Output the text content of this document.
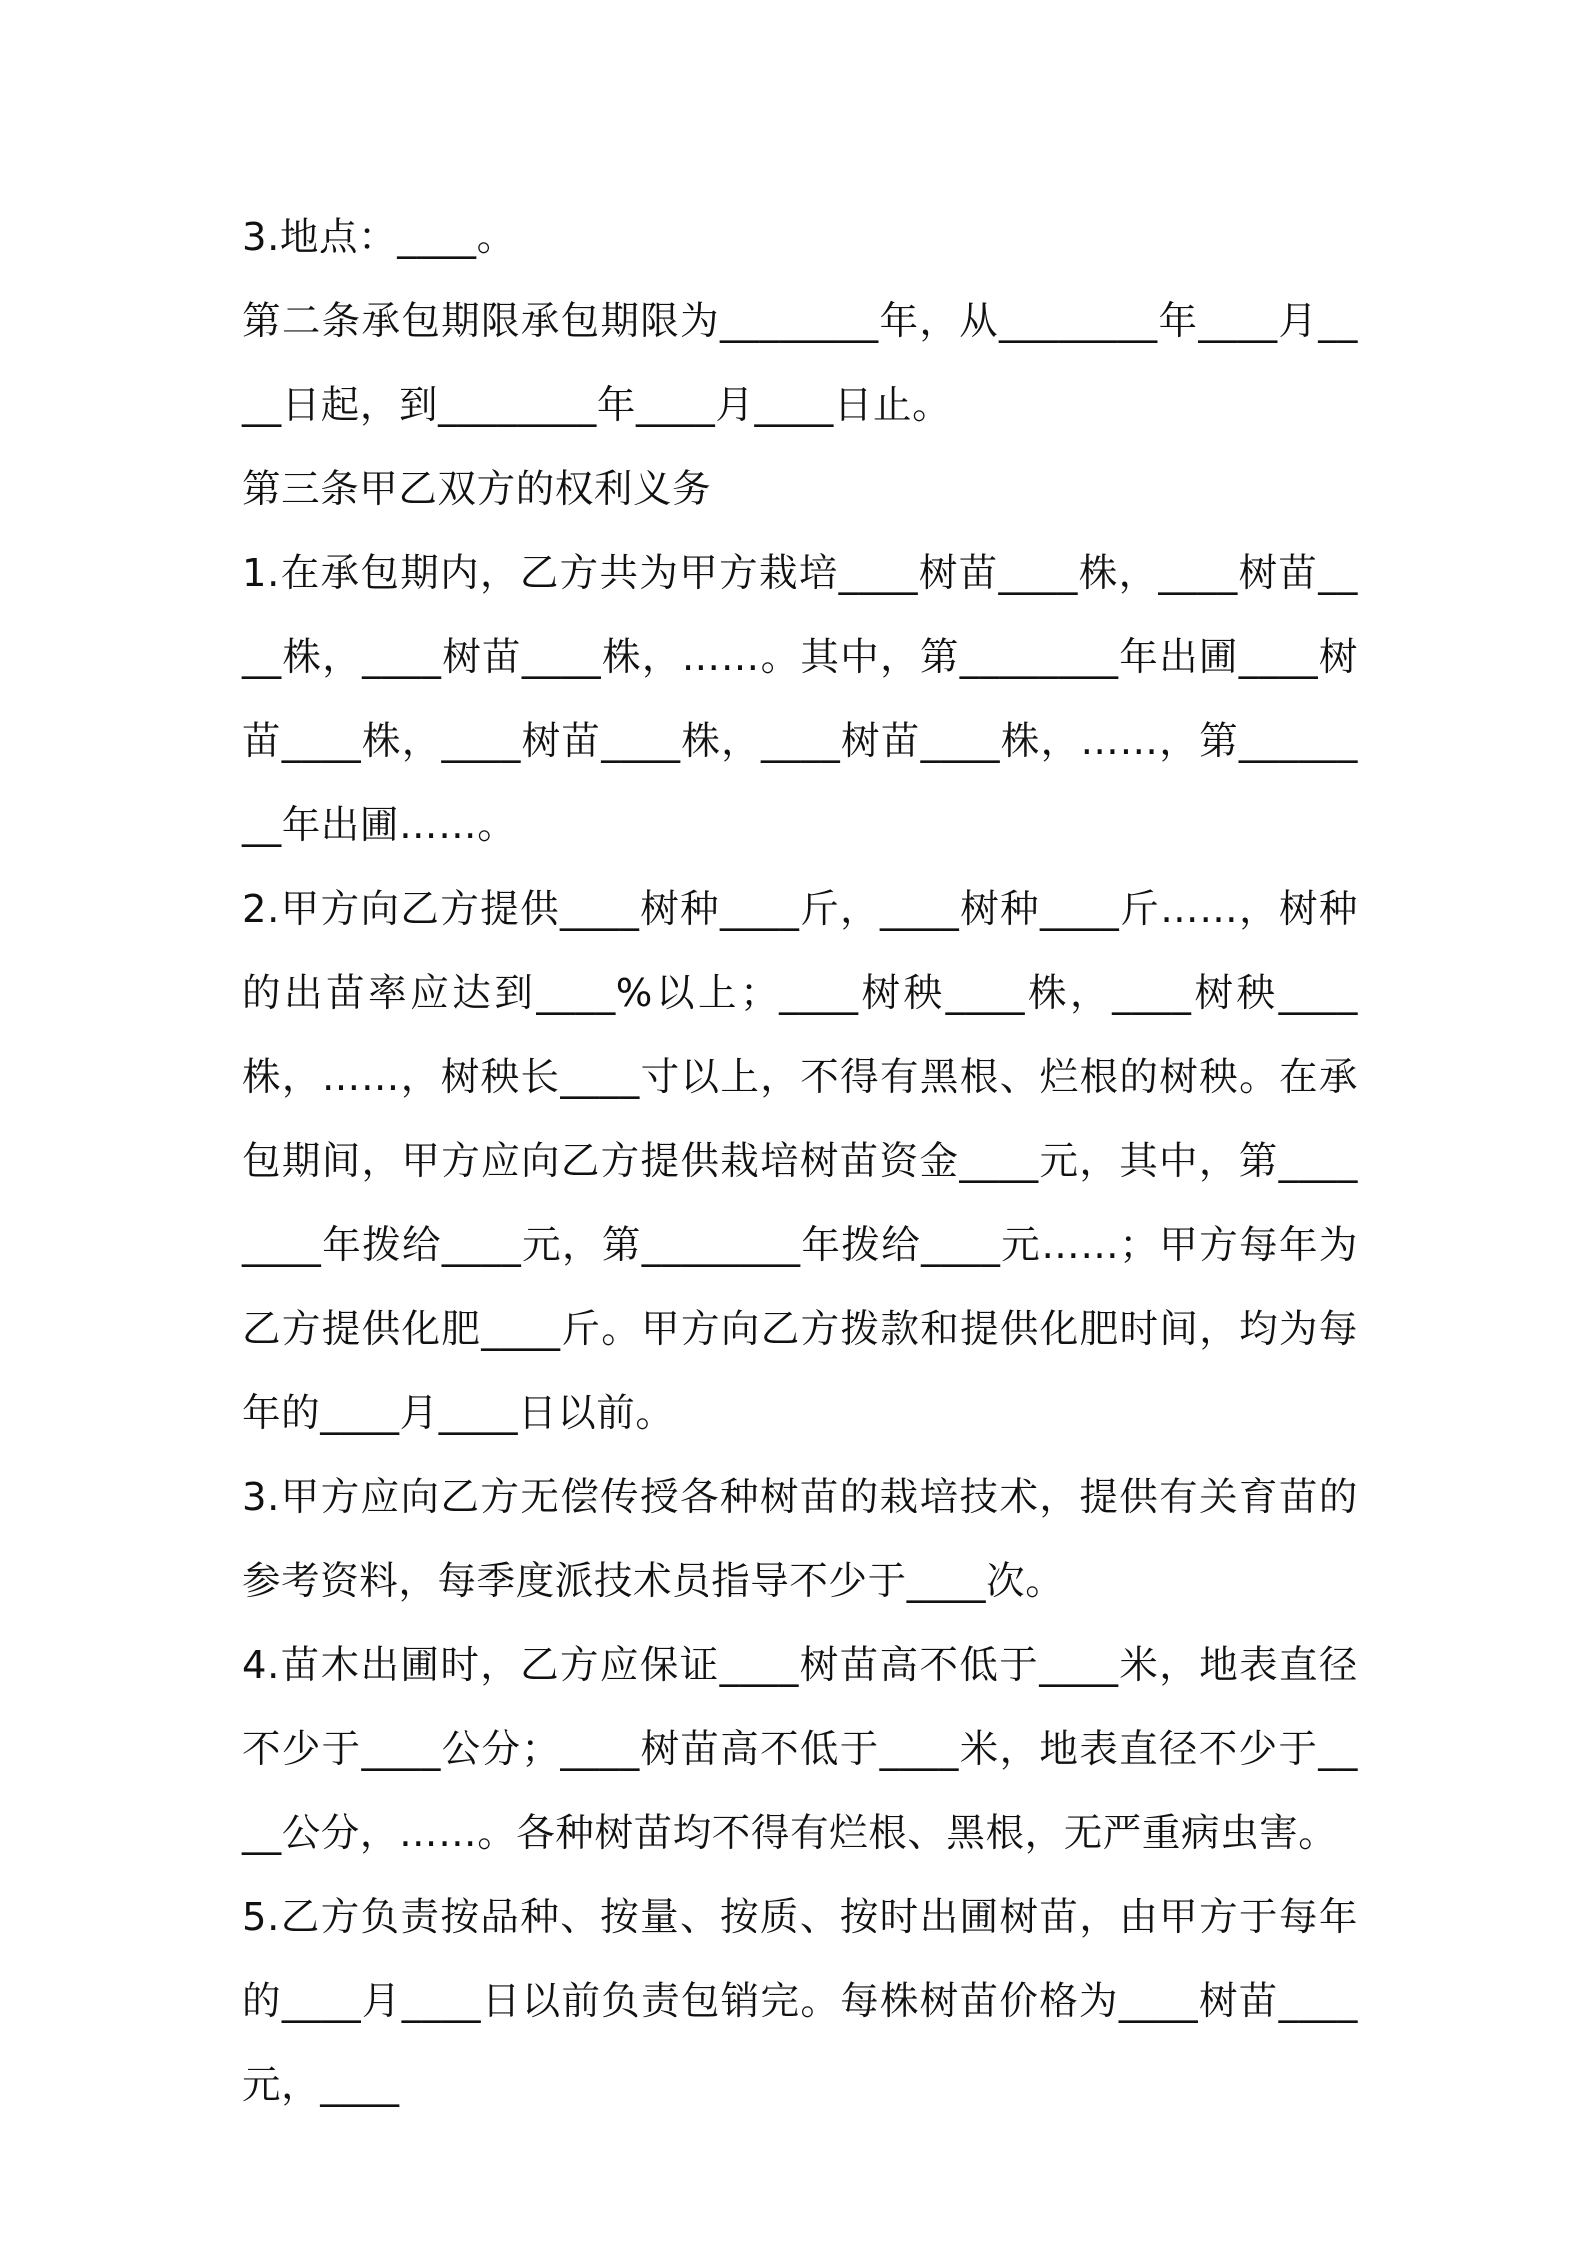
3.地点：____。

第二条承包期限承包期限为________年，从________年____月____日起，到________年____月____日止。

第三条甲乙双方的权利义务

1.在承包期内，乙方共为甲方栽培____树苗____株，____树苗____株，____树苗____株，……。其中，第________年出圃____树苗____株，____树苗____株，____树苗____株，……，第________年出圃……。

2.甲方向乙方提供____树种____斤，____树种____斤……，树种的出苗率应达到____%以上；____树秧____株，____树秧____株，……，树秧长____寸以上，不得有黑根、烂根的树秧。在承包期间，甲方应向乙方提供栽培树苗资金____元，其中，第________年拨给____元，第________年拨给____元……；甲方每年为乙方提供化肥____斤。甲方向乙方拨款和提供化肥时间，均为每年的____月____日以前。

3.甲方应向乙方无偿传授各种树苗的栽培技术，提供有关育苗的参考资料，每季度派技术员指导不少于____次。

4.苗木出圃时，乙方应保证____树苗高不低于____米，地表直径不少于____公分；____树苗高不低于____米，地表直径不少于____公分，……。各种树苗均不得有烂根、黑根，无严重病虫害。

5.乙方负责按品种、按量、按质、按时出圃树苗，由甲方于每年的____月____日以前负责包销完。每株树苗价格为____树苗____元，____
